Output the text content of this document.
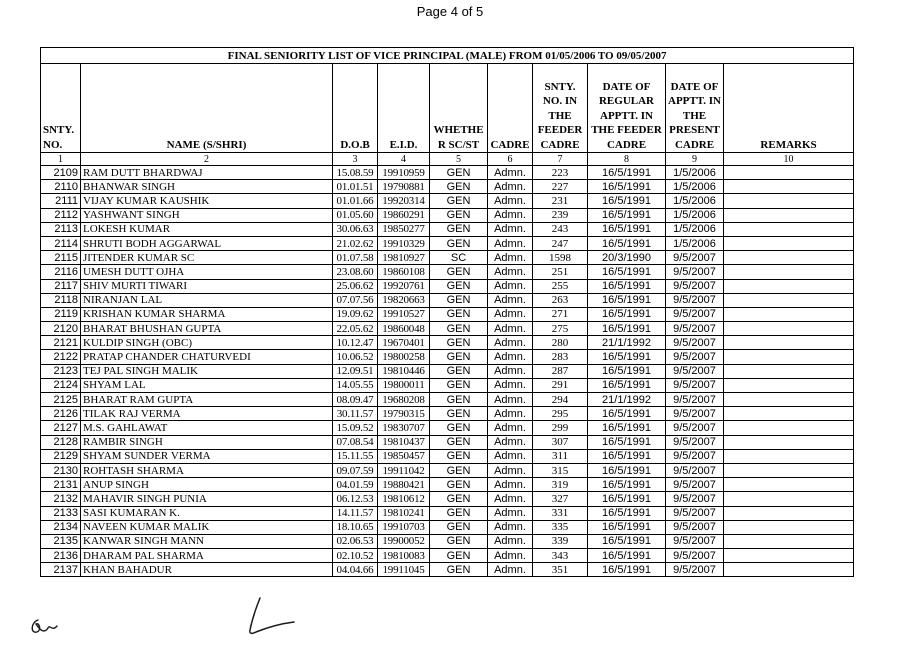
Page 4 of 5
FINAL SENIORITY LIST OF VICE PRINCIPAL (MALE) FROM 01/05/2006 TO 09/05/2007									

SNTY. NO.	NAME (S/SHRI)	D.O.B	E.I.D.	WHETHE R SC/ST	CADRE	SNTY. NO. IN THE FEEDER CADRE	DATE OF REGULAR APPTT. IN THE FEEDER CADRE	DATE OF APPTT. IN THE PRESENT CADRE	REMARKS
1	2	3	4	5	6	7	8	9	10
2109	RAM DUTT BHARDWAJ	15.08.59	19910959	GEN	Admn.	223	16/5/1991	1/5/2006	
2110	BHANWAR SINGH	01.01.51	19790881	GEN	Admn.	227	16/5/1991	1/5/2006	
2111	VIJAY KUMAR KAUSHIK	01.01.66	19920314	GEN	Admn.	231	16/5/1991	1/5/2006	
2112	YASHWANT SINGH	01.05.60	19860291	GEN	Admn.	239	16/5/1991	1/5/2006	
2113	LOKESH KUMAR	30.06.63	19850277	GEN	Admn.	243	16/5/1991	1/5/2006	
2114	SHRUTI BODH AGGARWAL	21.02.62	19910329	GEN	Admn.	247	16/5/1991	1/5/2006	
2115	JITENDER KUMAR SC	01.07.58	19810927	SC	Admn.	1598	20/3/1990	9/5/2007	
2116	UMESH DUTT OJHA	23.08.60	19860108	GEN	Admn.	251	16/5/1991	9/5/2007	
2117	SHIV MURTI TIWARI	25.06.62	19920761	GEN	Admn.	255	16/5/1991	9/5/2007	
2118	NIRANJAN LAL	07.07.56	19820663	GEN	Admn.	263	16/5/1991	9/5/2007	
2119	KRISHAN KUMAR SHARMA	19.09.62	19910527	GEN	Admn.	271	16/5/1991	9/5/2007	
2120	BHARAT BHUSHAN GUPTA	22.05.62	19860048	GEN	Admn.	275	16/5/1991	9/5/2007	
2121	KULDIP SINGH (OBC)	10.12.47	19670401	GEN	Admn.	280	21/1/1992	9/5/2007	
2122	PRATAP CHANDER CHATURVEDI	10.06.52	19800258	GEN	Admn.	283	16/5/1991	9/5/2007	
2123	TEJ PAL SINGH MALIK	12.09.51	19810446	GEN	Admn.	287	16/5/1991	9/5/2007	
2124	SHYAM LAL	14.05.55	19800011	GEN	Admn.	291	16/5/1991	9/5/2007	
2125	BHARAT RAM GUPTA	08.09.47	19680208	GEN	Admn.	294	21/1/1992	9/5/2007	
2126	TILAK RAJ VERMA	30.11.57	19790315	GEN	Admn.	295	16/5/1991	9/5/2007	
2127	M.S. GAHLAWAT	15.09.52	19830707	GEN	Admn.	299	16/5/1991	9/5/2007	
2128	RAMBIR SINGH	07.08.54	19810437	GEN	Admn.	307	16/5/1991	9/5/2007	
2129	SHYAM SUNDER VERMA	15.11.55	19850457	GEN	Admn.	311	16/5/1991	9/5/2007	
2130	ROHTASH SHARMA	09.07.59	19911042	GEN	Admn.	315	16/5/1991	9/5/2007	
2131	ANUP SINGH	04.01.59	19880421	GEN	Admn.	319	16/5/1991	9/5/2007	
2132	MAHAVIR SINGH PUNIA	06.12.53	19810612	GEN	Admn.	327	16/5/1991	9/5/2007	
2133	SASI KUMARAN K.	14.11.57	19810241	GEN	Admn.	331	16/5/1991	9/5/2007	
2134	NAVEEN KUMAR MALIK	18.10.65	19910703	GEN	Admn.	335	16/5/1991	9/5/2007	
2135	KANWAR SINGH MANN	02.06.53	19900052	GEN	Admn.	339	16/5/1991	9/5/2007	
2136	DHARAM PAL SHARMA	02.10.52	19810083	GEN	Admn.	343	16/5/1991	9/5/2007	
2137	KHAN BAHADUR	04.04.66	19911045	GEN	Admn.	351	16/5/1991	9/5/2007	
